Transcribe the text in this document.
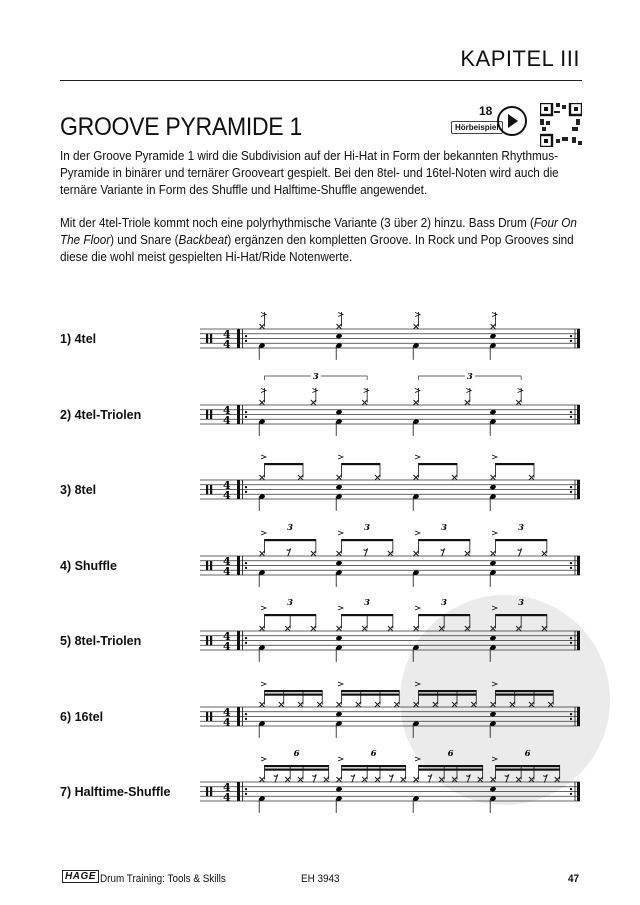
KAPITEL III
GROOVE PYRAMIDE 1
18
Hörbeispiel
In der Groove Pyramide 1 wird die Subdivision auf der Hi-Hat in Form der bekannten Rhythmus-Pyramide in binärer und ternärer Grooveart gespielt. Bei den 8tel- und 16tel-Noten wird auch die ternäre Variante in Form des Shuffle und Halftime-Shuffle angewendet.
Mit der 4tel-Triole kommt noch eine polyrhythmische Variante (3 über 2) hinzu. Bass Drum (Four On The Floor) und Snare (Backbeat) ergänzen den kompletten Groove. In Rock und Pop Grooves sind diese die wohl meist gespielten Hi-Hat/Ride Notenwerte.
1) 4tel
2) 4tel-Triolen
3) 8tel
4) Shuffle
5) 8tel-Triolen
6) 16tel
7) Halftime-Shuffle
4
4
4
4
3	3
4
4
4
4
3	3	3	3
4
4
3	3	3	3
4
4
4
4
6	6	6	6
HAGE Drum Training: Tools & Skills	EH 3943	47
